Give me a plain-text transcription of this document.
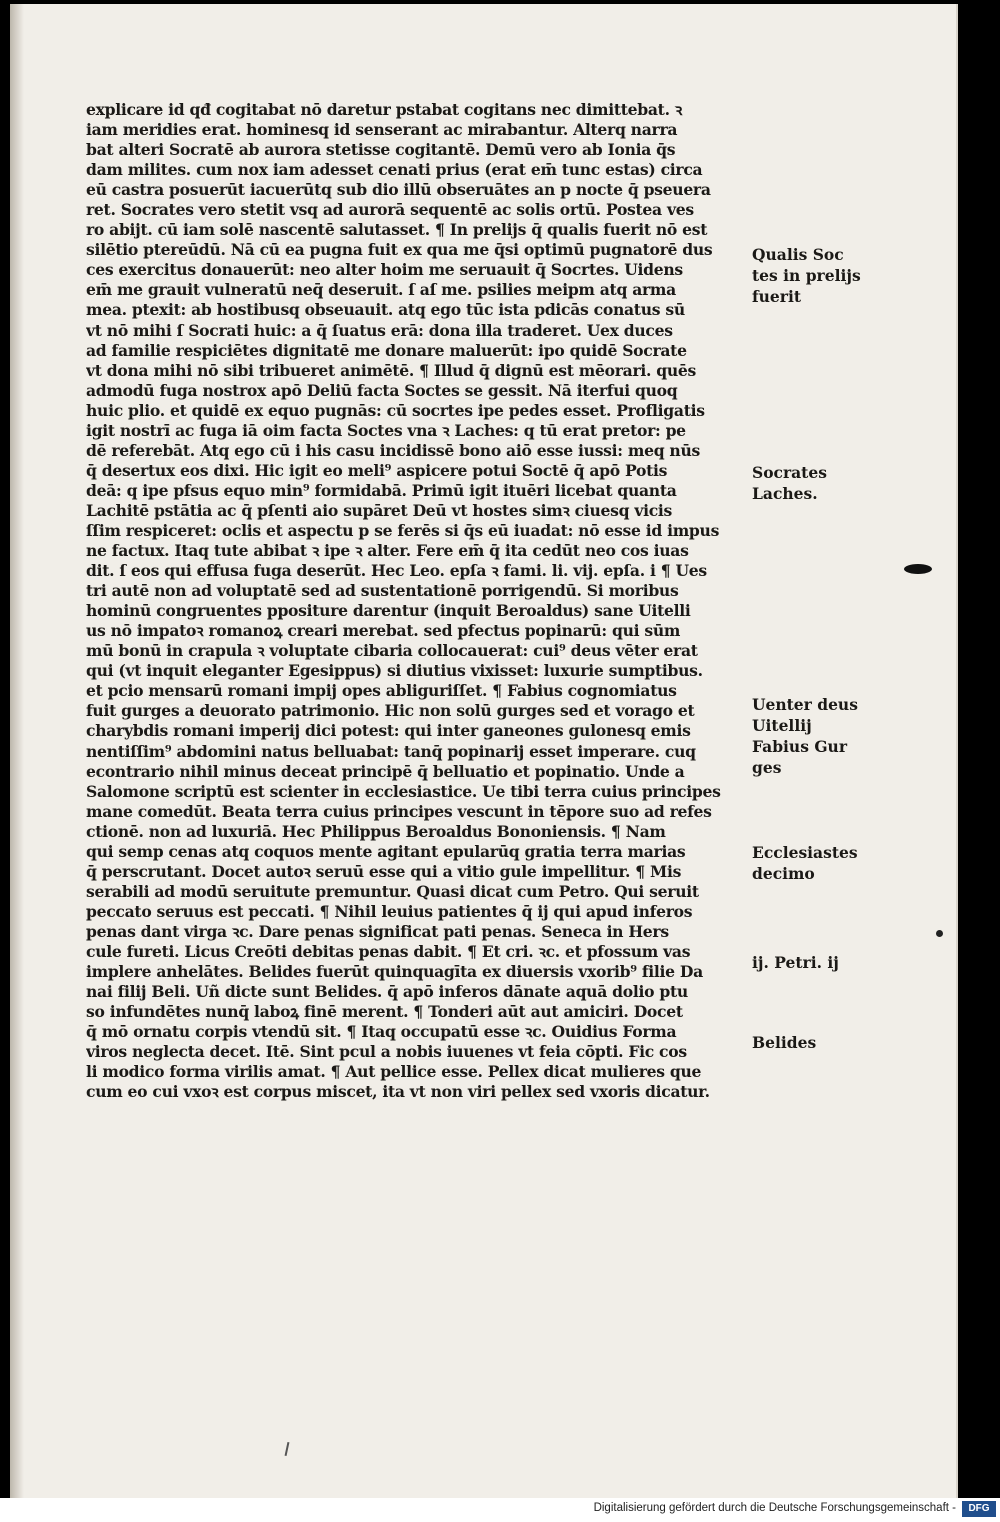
explicare id qđ cogitabat nō daretur pstabat cogitans nec dimittebat. ꝛ
iam meridies erat. hominesq id senserant ac mirabantur. Alterq narra
bat alteri Socratē ab aurora stetisse cogitantē. Demū vero ab Ionia q̄s
dam milites. cum nox iam adesset cenati prius (erat em̄ tunc estas) circa
eū castra posuerūt iacuerūtq sub dio illū obseruātes an p nocte q̄ pseuera
ret. Socrates vero stetit vsq ad aurorā sequentē ac solis ortū. Postea ves
ro abijt. cū iam solē nascentē salutasset. ¶ In prelijs q̄ qualis fuerit nō est
silētio ptereūdū. Nā cū ea pugna fuit ex qua me q̄si optimū pugnatorē dus
ces exercitus donauerūt: neo alter hoim me seruauit q̄ Socrtes. Uidens
em̄ me grauit vulneratū neq̄ deseruit. ſ aſ me. psilies meipm atq arma
mea. ptexit: ab hostibusq obseuauit. atq ego tūc ista pdicās conatus sū
vt nō mihi ſ Socrati huic: a q̄ ſuatus erā: dona illa traderet. Uex duces
ad familie respiciētes dignitatē me donare maluerūt: ipo quidē Socrate
vt dona mihi nō sibi tribueret animētē. ¶ Illud q̄ dignū est mēorari. quēs
admodū fuga nostrox apō Deliū facta Soctes se gessit. Nā iterfui quoq
huic plio. et quidē ex equo pugnās: cū socrtes ipe pedes esset. Profligatis
igit nostrī ac fuga iā oim facta Soctes vna ꝛ Laches: q tū erat pretor: pe
dē referebāt. Atq ego cū i his casu incidissē bono aiō esse iussi: meq nūs
q̄ desertux eos dixi. Hic igit eo meli⁹ aspicere potui Soctē q̄ apō Potis
deā: q ipe pfsus equo min⁹ formidabā. Primū igit ituēri licebat quanta
Lachitē pstātia ac q̄ pſenti aio supāret Deū vt hostes simꝛ ciuesq vicis
ſſim respiceret: oclis et aspectu p se ferēs si q̄s eū iuadat: nō esse id impus
ne factux. Itaq tute abibat ꝛ ipe ꝛ alter. Fere em̄ q̄ ita cedūt neo cos iuas
dit. ſ eos qui effusa fuga deserūt. Hec Leo. epſa ꝛ fami. li. vij. epſa. i ¶ Ues
tri autē non ad voluptatē sed ad sustentationē porrigendū. Si moribus
hominū congruentes ppositure darentur (inquit Beroaldus) sane Uitelli
us nō impatoꝛ romanoꝝ creari merebat. sed pfectus popinarū: qui sūm
mū bonū in crapula ꝛ voluptate cibaria collocauerat: cui⁹ deus vēter erat
qui (vt inquit eleganter Egesippus) si diutius vixisset: luxurie sumptibus.
et pcio mensarū romani impij opes abliguriſſet. ¶ Fabius cognomiatus
fuit gurges a deuorato patrimonio. Hic non solū gurges sed et vorago et
charybdis romani imperij dici potest: qui inter ganeones gulonesq emis
nentiſſim⁹ abdomini natus belluabat: tanq̄ popinarij esset imperare. cuq
econtrario nihil minus deceat principē q̄ belluatio et popinatio. Unde a
Salomone scriptū est scienter in ecclesiastice. Ue tibi terra cuius principes
mane comedūt. Beata terra cuius principes vescunt in tēpore suo ad refes
ctionē. non ad luxuriā. Hec Philippus Beroaldus Bononiensis. ¶ Nam
qui semp cenas atq coquos mente agitant epularūq gratia terra marias
q̄ perscrutant. Docet autoꝛ seruū esse qui a vitio gule impellitur. ¶ Mis
serabili ad modū seruitute premuntur. Quasi dicat cum Petro. Qui seruit
peccato seruus est peccati. ¶ Nihil leuius patientes q̄ ij qui apud inferos
penas dant virga ꝛc. Dare penas significat pati penas. Seneca in Hers
cule fureti. Licus Creōti debitas penas dabit. ¶ Et cri. ꝛc. et pfossum vas
implere anhelātes. Belides fuerūt quinquagīta ex diuersis vxorib⁹ filie Da
nai filij Beli. Uñ dicte sunt Belides. q̄ apō inferos dānate aquā dolio ptu
so infundētes nunq̄ laboꝝ finē merent. ¶ Tonderi aūt aut amiciri. Docet
q̄ mō ornatu corpis vtendū sit. ¶ Itaq occupatū esse ꝛc. Ouidius Forma
viros neglecta decet. Itē. Sint pcul a nobis iuuenes vt feia cōpti. Fic cos
li modico forma virilis amat. ¶ Aut pellice esse. Pellex dicat mulieres que
cum eo cui vxoꝛ est corpus miscet, ita vt non viri pellex sed vxoris dicatur.
Qualis Soc
tes in prelijs
fuerit
Socrates
Laches.
Uenter deus
Uitellij
Fabius Gur
ges
Ecclesiastes
decimo
ij. Petri. ij
Belides
Digitalisierung gefördert durch die Deutsche Forschungsgemeinschaft -	DFG
